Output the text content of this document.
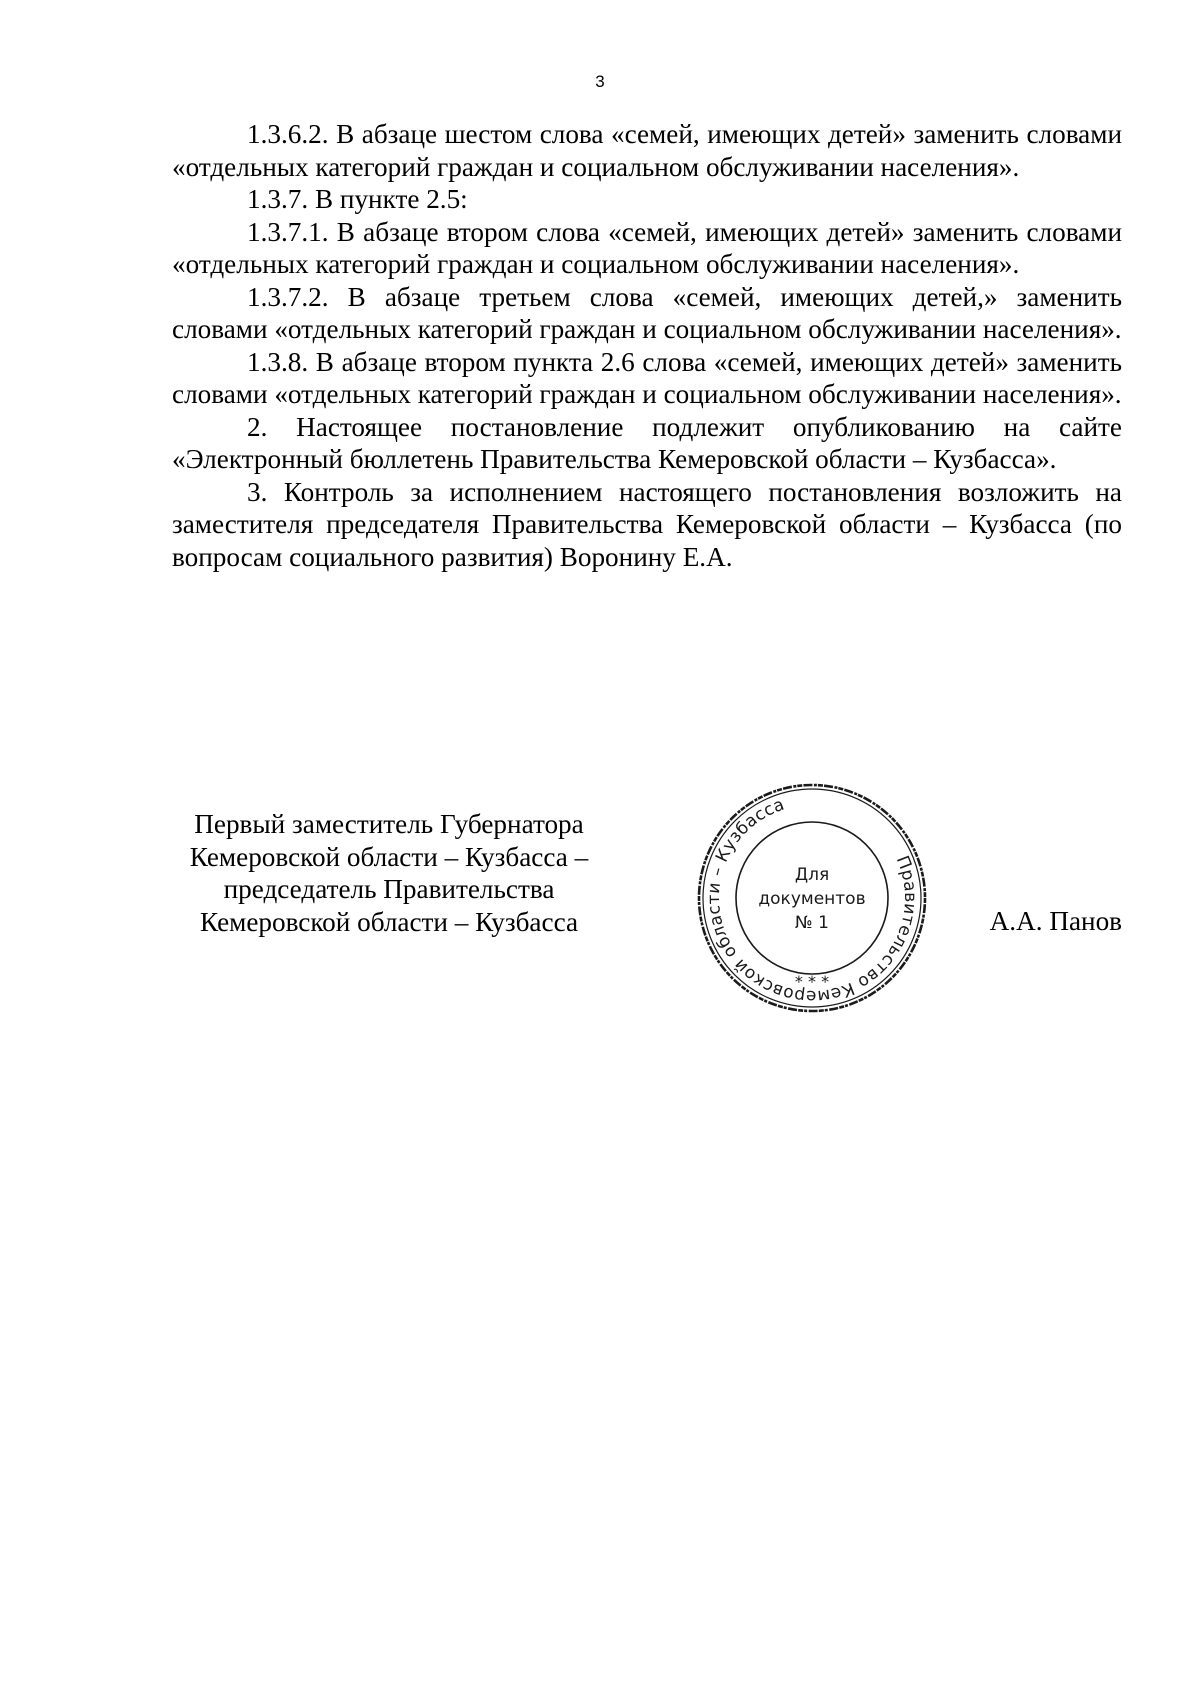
3

1.3.6.2. В абзаце шестом слова «семей, имеющих детей» заменить словами «отдельных категорий граждан и социальном обслуживании населения».

1.3.7. В пункте 2.5:

1.3.7.1. В абзаце втором слова «семей, имеющих детей» заменить словами «отдельных категорий граждан и социальном обслуживании населения».

1.3.7.2. В абзаце третьем слова «семей, имеющих детей,» заменить словами «отдельных категорий граждан и социальном обслуживании населения».

1.3.8. В абзаце втором пункта 2.6 слова «семей, имеющих детей» заменить словами «отдельных категорий граждан и социальном обслуживании населения».

2. Настоящее постановление подлежит опубликованию на сайте «Электронный бюллетень Правительства Кемеровской области – Кузбасса».

3. Контроль за исполнением настоящего постановления возложить на заместителя председателя Правительства Кемеровской области – Кузбасса (по вопросам социального развития) Воронину Е.А.

Первый заместитель Губернатора
Кемеровской области – Кузбасса –
председатель Правительства
Кемеровской области – Кузбасса
Правительство Кемеровской области – Кузбасса
* * *
Для
документов
№ 1	А.А. Панов
